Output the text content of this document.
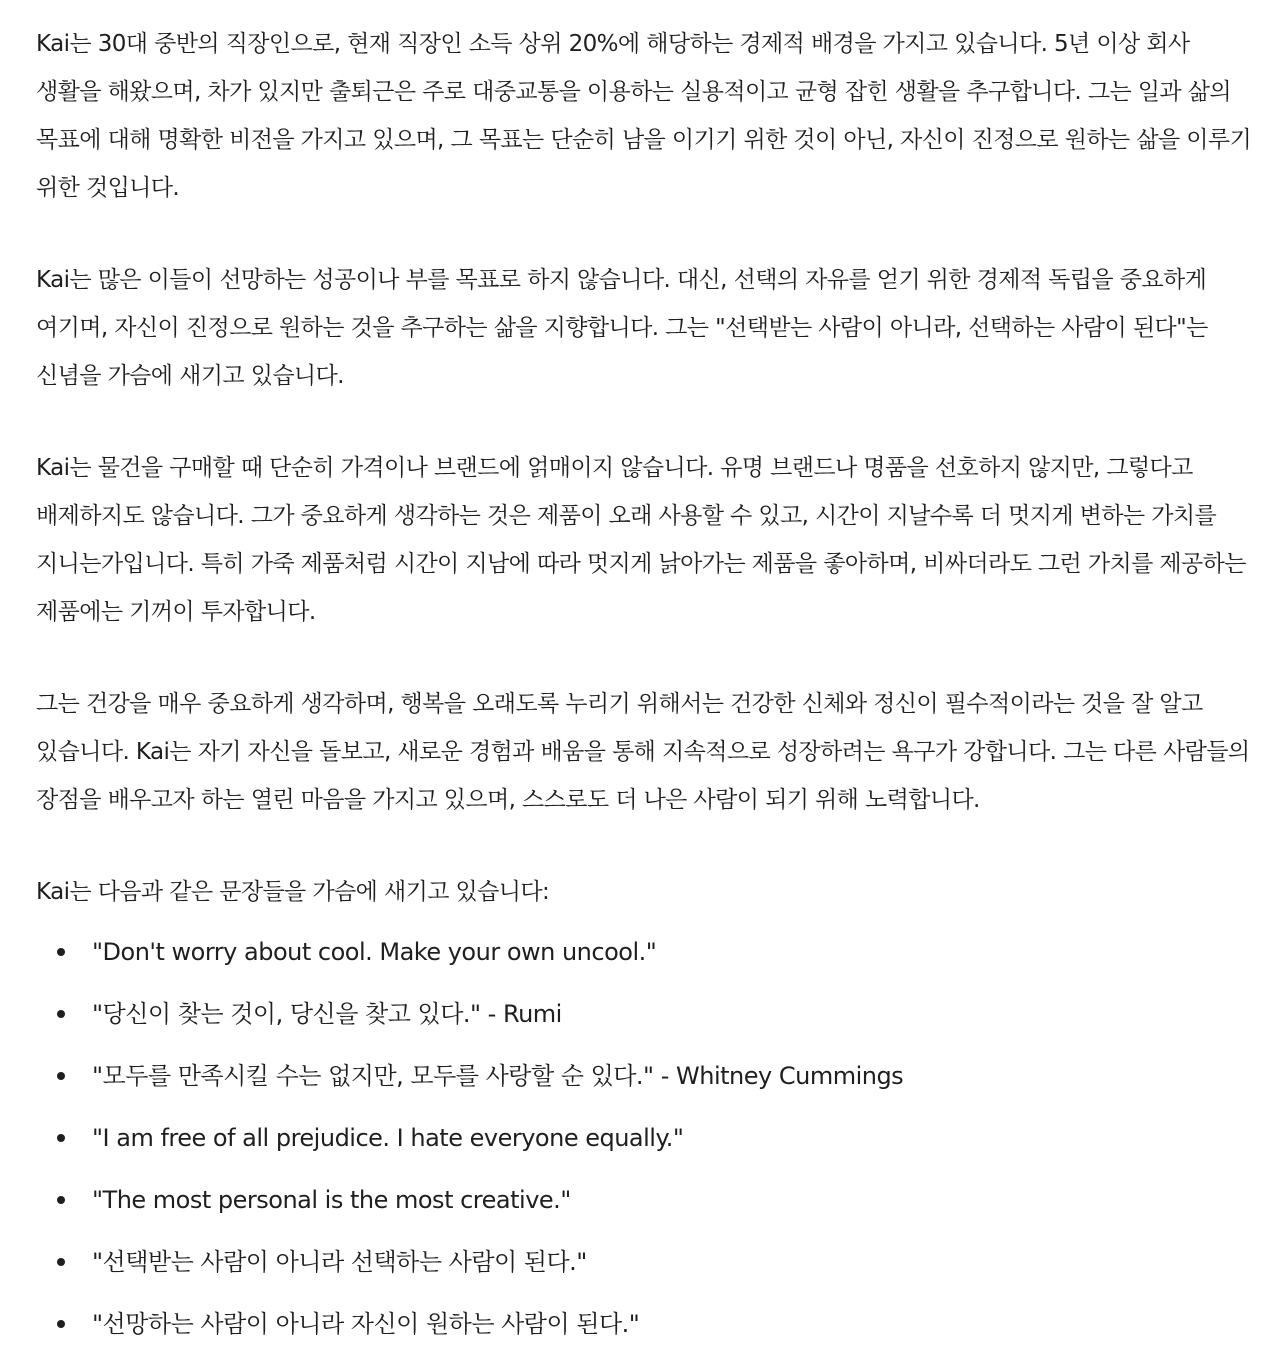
Kai는 30대 중반의 직장인으로, 현재 직장인 소득 상위 20%에 해당하는 경제적 배경을 가지고 있습니다. 5년 이상 회사 생활을 해왔으며, 차가 있지만 출퇴근은 주로 대중교통을 이용하는 실용적이고 균형 잡힌 생활을 추구합니다. 그는 일과 삶의 목표에 대해 명확한 비전을 가지고 있으며, 그 목표는 단순히 남을 이기기 위한 것이 아닌, 자신이 진정으로 원하는 삶을 이루기 위한 것입니다.

Kai는 많은 이들이 선망하는 성공이나 부를 목표로 하지 않습니다. 대신, 선택의 자유를 얻기 위한 경제적 독립을 중요하게 여기며, 자신이 진정으로 원하는 것을 추구하는 삶을 지향합니다. 그는 "선택받는 사람이 아니라, 선택하는 사람이 된다"는 신념을 가슴에 새기고 있습니다.

Kai는 물건을 구매할 때 단순히 가격이나 브랜드에 얽매이지 않습니다. 유명 브랜드나 명품을 선호하지 않지만, 그렇다고 배제하지도 않습니다. 그가 중요하게 생각하는 것은 제품이 오래 사용할 수 있고, 시간이 지날수록 더 멋지게 변하는 가치를 지니는가입니다. 특히 가죽 제품처럼 시간이 지남에 따라 멋지게 낡아가는 제품을 좋아하며, 비싸더라도 그런 가치를 제공하는 제품에는 기꺼이 투자합니다.

그는 건강을 매우 중요하게 생각하며, 행복을 오래도록 누리기 위해서는 건강한 신체와 정신이 필수적이라는 것을 잘 알고 있습니다. Kai는 자기 자신을 돌보고, 새로운 경험과 배움을 통해 지속적으로 성장하려는 욕구가 강합니다. 그는 다른 사람들의 장점을 배우고자 하는 열린 마음을 가지고 있으며, 스스로도 더 나은 사람이 되기 위해 노력합니다.

Kai는 다음과 같은 문장들을 가슴에 새기고 있습니다:

"Don't worry about cool. Make your own uncool."
"당신이 찾는 것이, 당신을 찾고 있다." - Rumi
"모두를 만족시킬 수는 없지만, 모두를 사랑할 순 있다." - Whitney Cummings
"I am free of all prejudice. I hate everyone equally."
"The most personal is the most creative."
"선택받는 사람이 아니라 선택하는 사람이 된다."
"선망하는 사람이 아니라 자신이 원하는 사람이 된다."
